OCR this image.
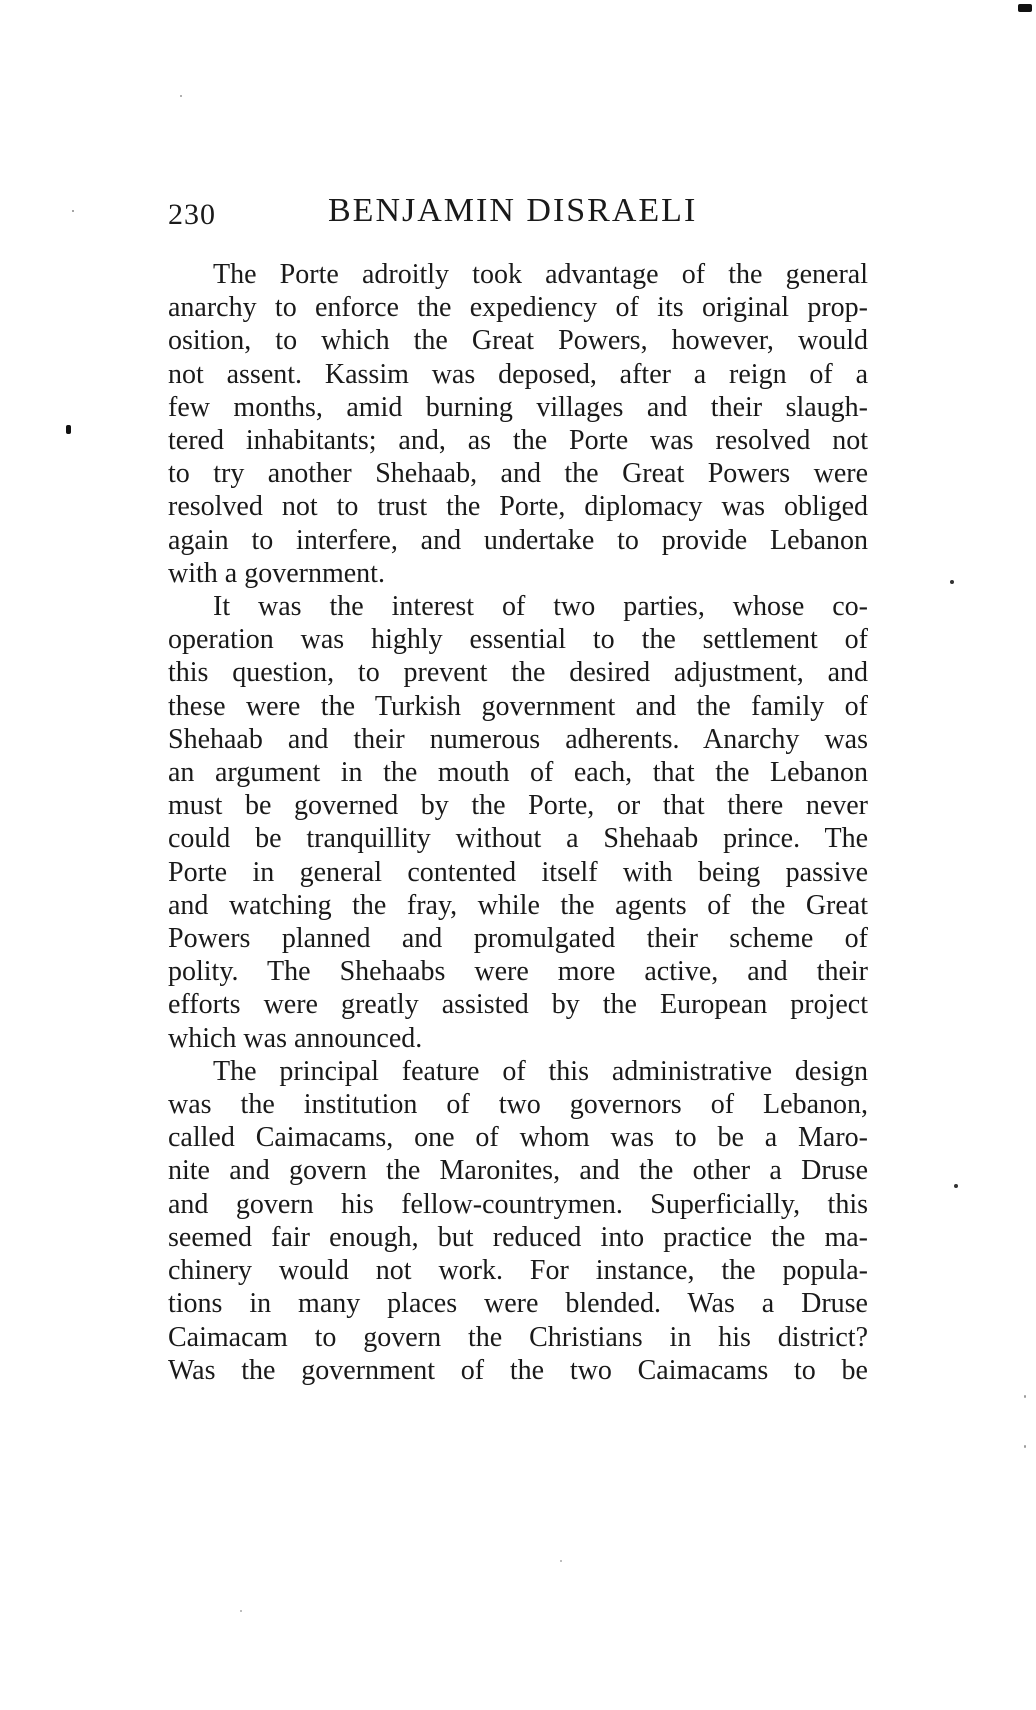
230	BENJAMIN DISRAELI

The Porte adroitly took advantage of the general
anarchy to enforce the expediency of its original prop-
osition, to which the Great Powers, however, would
not assent. Kassim was deposed, after a reign of a
few months, amid burning villages and their slaugh-
tered inhabitants; and, as the Porte was resolved not
to try another Shehaab, and the Great Powers were
resolved not to trust the Porte, diplomacy was obliged
again to interfere, and undertake to provide Lebanon
with a government.

It was the interest of two parties, whose co-
operation was highly essential to the settlement of
this question, to prevent the desired adjustment, and
these were the Turkish government and the family of
Shehaab and their numerous adherents. Anarchy was
an argument in the mouth of each, that the Lebanon
must be governed by the Porte, or that there never
could be tranquillity without a Shehaab prince. The
Porte in general contented itself with being passive
and watching the fray, while the agents of the Great
Powers planned and promulgated their scheme of
polity. The Shehaabs were more active, and their
efforts were greatly assisted by the European project
which was announced.

The principal feature of this administrative design
was the institution of two governors of Lebanon,
called Caimacams, one of whom was to be a Maro-
nite and govern the Maronites, and the other a Druse
and govern his fellow-countrymen. Superficially, this
seemed fair enough, but reduced into practice the ma-
chinery would not work. For instance, the popula-
tions in many places were blended. Was a Druse
Caimacam to govern the Christians in his district?
Was the government of the two Caimacams to be
